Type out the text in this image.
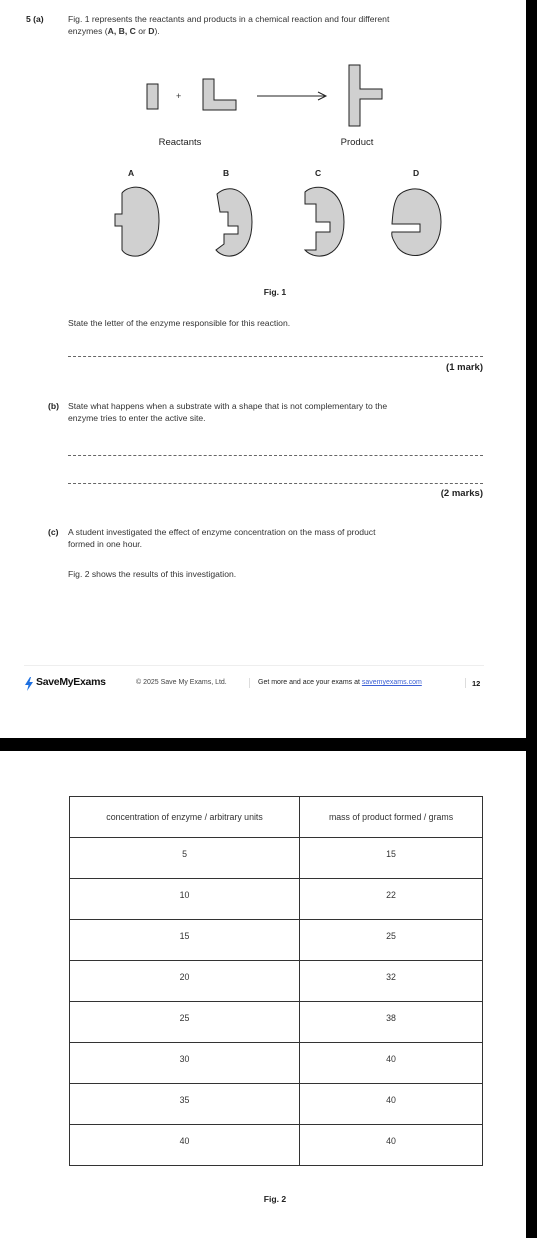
5 (a)	Fig. 1 represents the reactants and products in a chemical reaction and four different
enzymes (A, B, C or D).
+
Reactants	Product
A	B	C	D
Fig. 1
State the letter of the enzyme responsible for this reaction.
(1 mark)
(b) State what happens when a substrate with a shape that is not complementary to the
enzyme tries to enter the active site.
(2 marks)
(c) A student investigated the effect of enzyme concentration on the mass of product
formed in one hour.
Fig. 2 shows the results of this investigation.
SaveMyExams	© 2025 Save My Exams, Ltd.	Get more and ace your exams at savemyexams.com	12
concentration of enzyme / arbitrary units	mass of product formed / grams
5	15
10	22
15	25
20	32
25	38
30	40
35	40
40	40
Fig. 2
